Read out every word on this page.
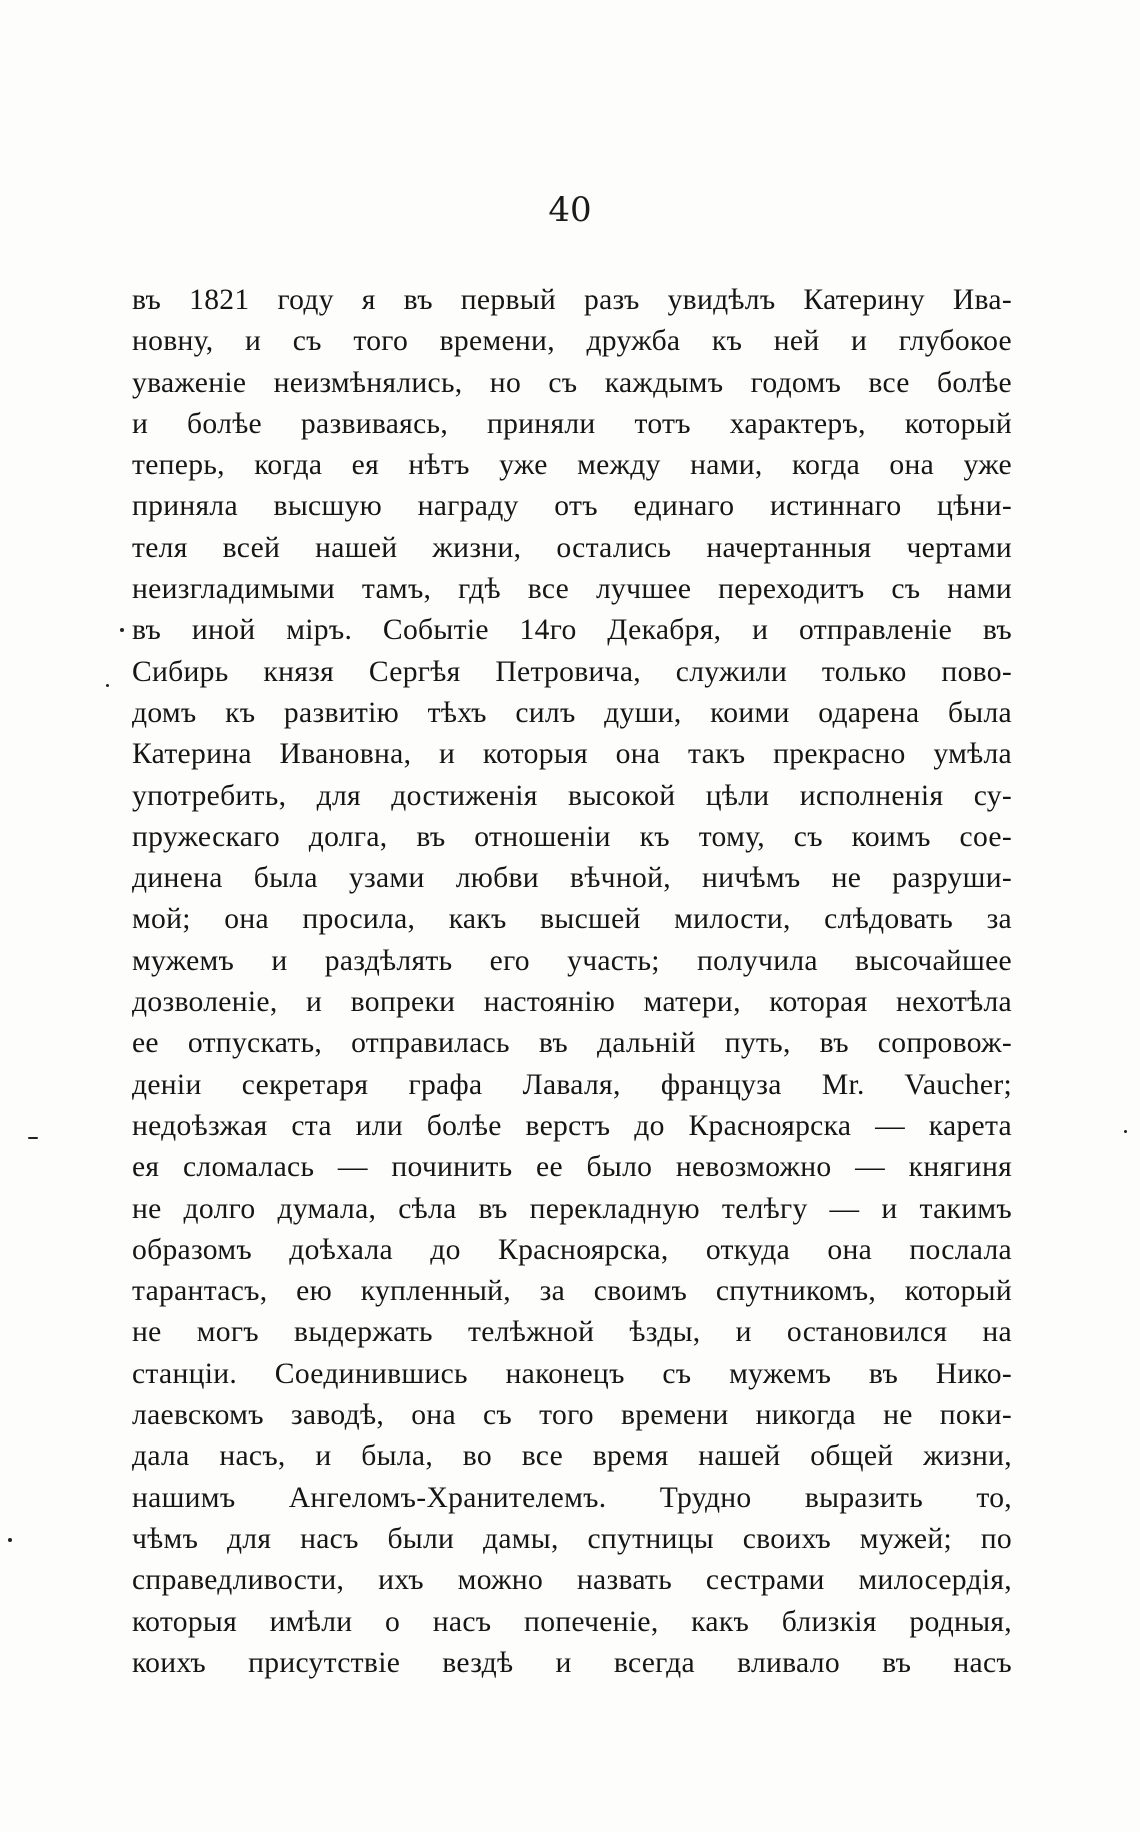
40
въ 1821 году я въ первый разъ увидѣлъ Катерину Ива-
новну, и съ того времени, дружба къ ней и глубокое
уваженіе неизмѣнялись, но съ каждымъ годомъ все болѣе
и болѣе развиваясь, приняли тотъ характеръ, который
теперь, когда ея нѣтъ уже между нами, когда она уже
приняла высшую награду отъ единаго истиннаго цѣни-
теля всей нашей жизни, остались начертанныя чертами
неизгладимыми тамъ, гдѣ все лучшее переходитъ съ нами
въ иной міръ. Событіе 14го Декабря, и отправленіе въ
Сибирь князя Сергѣя Петровича, служили только пово-
домъ къ развитію тѣхъ силъ души, коими одарена была
Катерина Ивановна, и которыя она такъ прекрасно умѣла
употребить, для достиженія высокой цѣли исполненія су-
пружескаго долга, въ отношеніи къ тому, съ коимъ сое-
динена была узами любви вѣчной, ничѣмъ не разруши-
мой; она просила, какъ высшей милости, слѣдовать за
мужемъ и раздѣлять его участь; получила высочайшее
дозволеніе, и вопреки настоянію матери, которая нехотѣла
ее отпускать, отправилась въ дальній путь, въ сопровож-
деніи секретаря графа Лаваля, француза Mr. Vaucher;
недоѣзжая ста или болѣе верстъ до Красноярска — карета
ея сломалась — починить ее было невозможно — княгиня
не долго думала, сѣла въ перекладную телѣгу — и такимъ
образомъ доѣхала до Красноярска, откуда она послала
тарантасъ, ею купленный, за своимъ спутникомъ, который
не могъ выдержать телѣжной ѣзды, и остановился на
станціи. Соединившись наконецъ съ мужемъ въ Нико-
лаевскомъ заводѣ, она съ того времени никогда не поки-
дала насъ, и была, во все время нашей общей жизни,
нашимъ Ангеломъ-Хранителемъ. Трудно выразить то,
чѣмъ для насъ были дамы, спутницы своихъ мужей; по
справедливости, ихъ можно назвать сестрами милосердія,
которыя имѣли о насъ попеченіе, какъ близкія родныя,
коихъ присутствіе вездѣ и всегда вливало въ насъ
